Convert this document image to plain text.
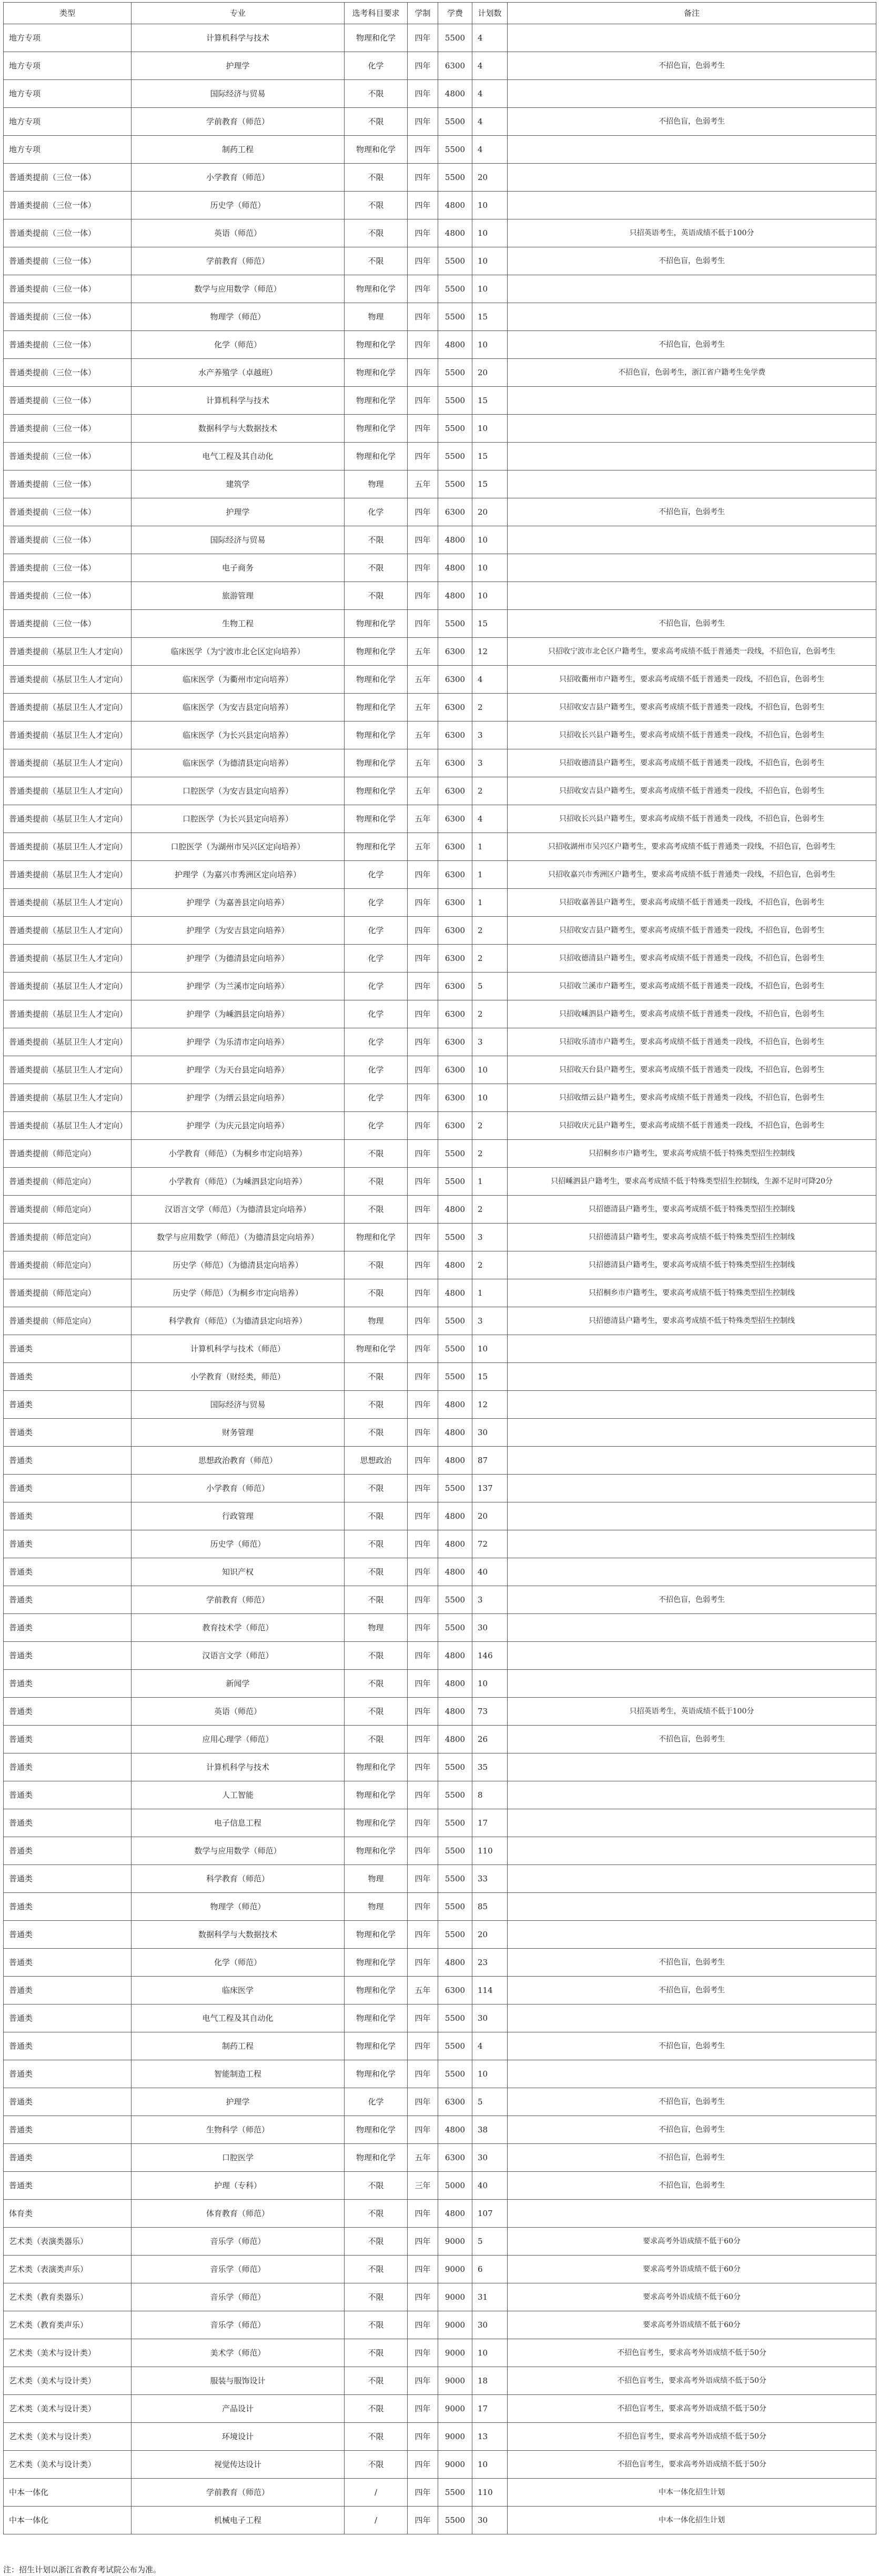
类型	专业	选考科目要求	学制	学费	计划数	备注
地方专项	计算机科学与技术	物理和化学	四年	5500	4	
地方专项	护理学	化学	四年	6300	4	不招色盲，色弱考生
地方专项	国际经济与贸易	不限	四年	4800	4	
地方专项	学前教育（师范）	不限	四年	5500	4	不招色盲，色弱考生
地方专项	制药工程	物理和化学	四年	5500	4	
普通类提前（三位一体）	小学教育（师范）	不限	四年	5500	20	
普通类提前（三位一体）	历史学（师范）	不限	四年	4800	10	
普通类提前（三位一体）	英语（师范）	不限	四年	4800	10	只招英语考生，英语成绩不低于100分
普通类提前（三位一体）	学前教育（师范）	不限	四年	5500	10	不招色盲，色弱考生
普通类提前（三位一体）	数学与应用数学（师范）	物理和化学	四年	5500	10	
普通类提前（三位一体）	物理学（师范）	物理	四年	5500	15	
普通类提前（三位一体）	化学（师范）	物理和化学	四年	4800	10	不招色盲，色弱考生
普通类提前（三位一体）	水产养殖学（卓越班）	物理和化学	四年	5500	20	不招色盲，色弱考生，浙江省户籍考生免学费
普通类提前（三位一体）	计算机科学与技术	物理和化学	四年	5500	15	
普通类提前（三位一体）	数据科学与大数据技术	物理和化学	四年	5500	10	
普通类提前（三位一体）	电气工程及其自动化	物理和化学	四年	5500	15	
普通类提前（三位一体）	建筑学	物理	五年	5500	15	
普通类提前（三位一体）	护理学	化学	四年	6300	20	不招色盲，色弱考生
普通类提前（三位一体）	国际经济与贸易	不限	四年	4800	10	
普通类提前（三位一体）	电子商务	不限	四年	4800	10	
普通类提前（三位一体）	旅游管理	不限	四年	4800	10	
普通类提前（三位一体）	生物工程	物理和化学	四年	5500	15	不招色盲，色弱考生
普通类提前（基层卫生人才定向）	临床医学（为宁波市北仑区定向培养）	物理和化学	五年	6300	12	只招收宁波市北仑区户籍考生，要求高考成绩不低于普通类一段线，不招色盲，色弱考生
普通类提前（基层卫生人才定向）	临床医学（为衢州市定向培养）	物理和化学	五年	6300	4	只招收衢州市户籍考生，要求高考成绩不低于普通类一段线，不招色盲，色弱考生
普通类提前（基层卫生人才定向）	临床医学（为安吉县定向培养）	物理和化学	五年	6300	2	只招收安吉县户籍考生，要求高考成绩不低于普通类一段线，不招色盲，色弱考生
普通类提前（基层卫生人才定向）	临床医学（为长兴县定向培养）	物理和化学	五年	6300	3	只招收长兴县户籍考生，要求高考成绩不低于普通类一段线，不招色盲，色弱考生
普通类提前（基层卫生人才定向）	临床医学（为德清县定向培养）	物理和化学	五年	6300	3	只招收德清县户籍考生，要求高考成绩不低于普通类一段线，不招色盲，色弱考生
普通类提前（基层卫生人才定向）	口腔医学（为安吉县定向培养）	物理和化学	五年	6300	2	只招收安吉县户籍考生，要求高考成绩不低于普通类一段线，不招色盲，色弱考生
普通类提前（基层卫生人才定向）	口腔医学（为长兴县定向培养）	物理和化学	五年	6300	4	只招收长兴县户籍考生，要求高考成绩不低于普通类一段线，不招色盲，色弱考生
普通类提前（基层卫生人才定向）	口腔医学（为湖州市吴兴区定向培养）	物理和化学	五年	6300	1	只招收湖州市吴兴区户籍考生，要求高考成绩不低于普通类一段线，不招色盲，色弱考生
普通类提前（基层卫生人才定向）	护理学（为嘉兴市秀洲区定向培养）	化学	四年	6300	1	只招收嘉兴市秀洲区户籍考生，要求高考成绩不低于普通类一段线，不招色盲，色弱考生
普通类提前（基层卫生人才定向）	护理学（为嘉善县定向培养）	化学	四年	6300	1	只招收嘉善县户籍考生，要求高考成绩不低于普通类一段线，不招色盲，色弱考生
普通类提前（基层卫生人才定向）	护理学（为安吉县定向培养）	化学	四年	6300	2	只招收安吉县户籍考生，要求高考成绩不低于普通类一段线，不招色盲，色弱考生
普通类提前（基层卫生人才定向）	护理学（为德清县定向培养）	化学	四年	6300	2	只招收德清县户籍考生，要求高考成绩不低于普通类一段线，不招色盲，色弱考生
普通类提前（基层卫生人才定向）	护理学（为兰溪市定向培养）	化学	四年	6300	5	只招收兰溪市户籍考生，要求高考成绩不低于普通类一段线，不招色盲，色弱考生
普通类提前（基层卫生人才定向）	护理学（为嵊泗县定向培养）	化学	四年	6300	2	只招收嵊泗县户籍考生，要求高考成绩不低于普通类一段线，不招色盲，色弱考生
普通类提前（基层卫生人才定向）	护理学（为乐清市定向培养）	化学	四年	6300	3	只招收乐清市户籍考生，要求高考成绩不低于普通类一段线，不招色盲，色弱考生
普通类提前（基层卫生人才定向）	护理学（为天台县定向培养）	化学	四年	6300	10	只招收天台县户籍考生，要求高考成绩不低于普通类一段线，不招色盲，色弱考生
普通类提前（基层卫生人才定向）	护理学（为缙云县定向培养）	化学	四年	6300	10	只招收缙云县户籍考生，要求高考成绩不低于普通类一段线，不招色盲，色弱考生
普通类提前（基层卫生人才定向）	护理学（为庆元县定向培养）	化学	四年	6300	2	只招收庆元县户籍考生，要求高考成绩不低于普通类一段线，不招色盲，色弱考生
普通类提前（师范定向）	小学教育（师范）（为桐乡市定向培养）	不限	四年	5500	2	只招桐乡市户籍考生，要求高考成绩不低于特殊类型招生控制线
普通类提前（师范定向）	小学教育（师范）（为嵊泗县定向培养）	不限	四年	5500	1	只招嵊泗县户籍考生，要求高考成绩不低于特殊类型招生控制线，生源不足时可降20分
普通类提前（师范定向）	汉语言文学（师范）（为德清县定向培养）	不限	四年	4800	2	只招德清县户籍考生，要求高考成绩不低于特殊类型招生控制线
普通类提前（师范定向）	数学与应用数学（师范）（为德清县定向培养）	物理和化学	四年	5500	3	只招德清县户籍考生，要求高考成绩不低于特殊类型招生控制线
普通类提前（师范定向）	历史学（师范）（为德清县定向培养）	不限	四年	4800	2	只招德清县户籍考生，要求高考成绩不低于特殊类型招生控制线
普通类提前（师范定向）	历史学（师范）（为桐乡市定向培养）	不限	四年	4800	1	只招桐乡市户籍考生，要求高考成绩不低于特殊类型招生控制线
普通类提前（师范定向）	科学教育（师范）（为德清县定向培养）	物理	四年	5500	3	只招德清县户籍考生，要求高考成绩不低于特殊类型招生控制线
普通类	计算机科学与技术（师范）	物理和化学	四年	5500	10	
普通类	小学教育（财经类，师范）	不限	四年	5500	15	
普通类	国际经济与贸易	不限	四年	4800	12	
普通类	财务管理	不限	四年	4800	30	
普通类	思想政治教育（师范）	思想政治	四年	4800	87	
普通类	小学教育（师范）	不限	四年	5500	137	
普通类	行政管理	不限	四年	4800	20	
普通类	历史学（师范）	不限	四年	4800	72	
普通类	知识产权	不限	四年	4800	40	
普通类	学前教育（师范）	不限	四年	5500	3	不招色盲，色弱考生
普通类	教育技术学（师范）	物理	四年	5500	30	
普通类	汉语言文学（师范）	不限	四年	4800	146	
普通类	新闻学	不限	四年	4800	10	
普通类	英语（师范）	不限	四年	4800	73	只招英语考生，英语成绩不低于100分
普通类	应用心理学（师范）	不限	四年	4800	26	不招色盲，色弱考生
普通类	计算机科学与技术	物理和化学	四年	5500	35	
普通类	人工智能	物理和化学	四年	5500	8	
普通类	电子信息工程	物理和化学	四年	5500	17	
普通类	数学与应用数学（师范）	物理和化学	四年	5500	110	
普通类	科学教育（师范）	物理	四年	5500	33	
普通类	物理学（师范）	物理	四年	5500	85	
普通类	数据科学与大数据技术	物理和化学	四年	5500	20	
普通类	化学（师范）	物理和化学	四年	4800	23	不招色盲，色弱考生
普通类	临床医学	物理和化学	五年	6300	114	不招色盲，色弱考生
普通类	电气工程及其自动化	物理和化学	四年	5500	30	
普通类	制药工程	物理和化学	四年	5500	4	不招色盲，色弱考生
普通类	智能制造工程	物理和化学	四年	5500	10	
普通类	护理学	化学	四年	6300	5	不招色盲，色弱考生
普通类	生物科学（师范）	物理和化学	四年	4800	38	不招色盲，色弱考生
普通类	口腔医学	物理和化学	五年	6300	30	不招色盲，色弱考生
普通类	护理（专科）	不限	三年	5000	40	不招色盲，色弱考生
体育类	体育教育（师范）	不限	四年	4800	107	
艺术类（表演类器乐）	音乐学（师范）	不限	四年	9000	5	要求高考外语成绩不低于60分
艺术类（表演类声乐）	音乐学（师范）	不限	四年	9000	6	要求高考外语成绩不低于60分
艺术类（教育类器乐）	音乐学（师范）	不限	四年	9000	31	要求高考外语成绩不低于60分
艺术类（教育类声乐）	音乐学（师范）	不限	四年	9000	30	要求高考外语成绩不低于60分
艺术类（美术与设计类）	美术学（师范）	不限	四年	9000	10	不招色盲考生，要求高考外语成绩不低于50分
艺术类（美术与设计类）	服装与服饰设计	不限	四年	9000	18	不招色盲考生，要求高考外语成绩不低于50分
艺术类（美术与设计类）	产品设计	不限	四年	9000	17	不招色盲考生，要求高考外语成绩不低于50分
艺术类（美术与设计类）	环境设计	不限	四年	9000	13	不招色盲考生，要求高考外语成绩不低于50分
艺术类（美术与设计类）	视觉传达设计	不限	四年	9000	10	不招色盲考生，要求高考外语成绩不低于50分
中本一体化	学前教育（师范）	/	四年	5500	110	中本一体化招生计划
中本一体化	机械电子工程	/	四年	5500	30	中本一体化招生计划
注：招生计划以浙江省教育考试院公布为准。
